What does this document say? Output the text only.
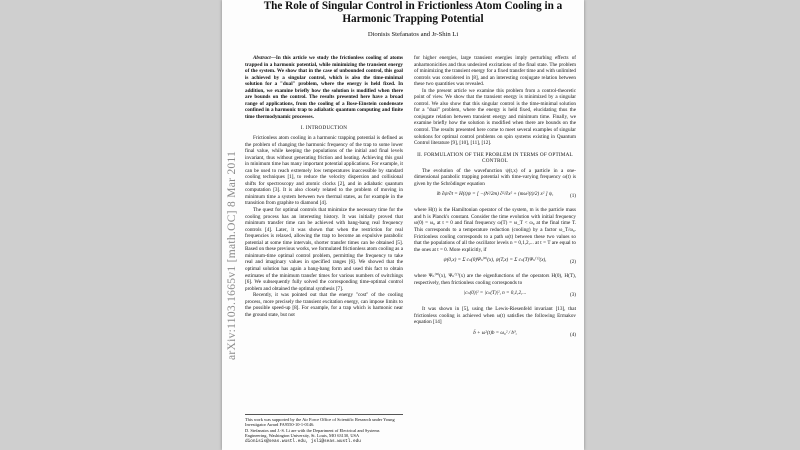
arXiv:1103.1665v1 [math.OC] 8 Mar 2011
The Role of Singular Control in Frictionless Atom Cooling in a
Harmonic Trapping Potential
Dionisis Stefanatos and Jr-Shin Li

Abstract—In this article we study the frictionless cooling of atoms trapped in a harmonic potential, while minimizing the transient energy of the system. We show that in the case of unbounded control, this goal is achieved by a singular control, which is also the time-minimal solution for a "dual" problem, where the energy is held fixed. In addition, we examine briefly how the solution is modified when there are bounds on the control. The results presented here have a broad range of applications, from the cooling of a Bose-Einstein condensate confined in a harmonic trap to adiabatic quantum computing and finite time thermodynamic processes.

I. INTRODUCTION

Frictionless atom cooling in a harmonic trapping potential is defined as the problem of changing the harmonic frequency of the trap to some lower final value, while keeping the populations of the initial and final levels invariant, thus without generating friction and heating. Achieving this goal in minimum time has many important potential applications. For example, it can be used to reach extremely low temperatures inaccessible by standard cooling techniques [1], to reduce the velocity dispersion and collisional shifts for spectroscopy and atomic clocks [2], and in adiabatic quantum computation [3]. It is also closely related to the problem of moving in minimum time a system between two thermal states, as for example in the transition from graphite to diamond [4].

The quest for optimal controls that minimize the necessary time for the cooling process has an interesting history. It was initially proved that minimum transfer time can be achieved with bang-bang real frequency controls [4]. Later, it was shown that when the restriction for real frequencies is relaxed, allowing the trap to become an expulsive parabolic potential at some time intervals, shorter transfer times can be obtained [5]. Based on these previous works, we formulated frictionless atom cooling as a minimum-time optimal control problem, permitting the frequency to take real and imaginary values in specified ranges [6]. We showed that the optimal solution has again a bang-bang form and used this fact to obtain estimates of the minimum transfer times for various numbers of switchings [6]. We subsequently fully solved the corresponding time-optimal control problem and obtained the optimal synthesis [7].

Recently, it was pointed out that the energy "cost" of the cooling process, more precisely the transient excitation energy, can impose limits to the possible speed-up [8]. For example, for a trap which is harmonic near the ground state, but not

This work was supported by the Air Force Office of Scientific Research under Young Investigator Award FA9550-10-1-0146.
D. Stefanatos and J.-S. Li are with the Department of Electrical and Systems Engineering, Washington University, St. Louis, MO 63130, USA
dionisis@seas.wustl.edu, jsli@seas.wustl.edu

for higher energies, large transient energies imply perturbing effects of anharmonicities and thus undesired excitations of the final state. The problem of minimizing the transient energy for a fixed transfer time and with unlimited controls was considered in [8], and an interesting conjugate relation between these two quantities was revealed.

In the present article we examine this problem from a control-theoretic point of view. We show that the transient energy is minimized by a singular control. We also show that this singular control is the time-minimal solution for a "dual" problem, where the energy is held fixed, elucidating thus the conjugate relation between transient energy and minimum time. Finally, we examine briefly how the solution is modified when there are bounds on the control. The results presented here come to meet several examples of singular solutions for optimal control problems on spin systems existing in Quantum Control literature [9], [10], [11], [12].

II. FORMULATION OF THE PROBLEM IN TERMS OF OPTIMAL CONTROL

The evolution of the wavefunction ψ(t,x) of a particle in a one-dimensional parabolic trapping potential with time-varying frequency ω(t) is given by the Schrödinger equation

iħ ∂ψ/∂t = H(t)ψ = [ −(ħ²/2m) ∂²/∂x² + (mω²(t)/2) x² ] ψ,	(1)

where H(t) is the Hamiltonian operator of the system, m is the particle mass and ħ is Planck's constant. Consider the time evolution with initial frequency ω(0) = ω₀ at t = 0 and final frequency ω(T) = ω_T < ω₀ at the final time T. This corresponds to a temperature reduction (cooling) by a factor ω_T/ω₀. Frictionless cooling corresponds to a path ω(t) between these two values so that the populations of all the oscillator levels n = 0,1,2,... at t = T are equal to the ones at t = 0. More explicitly, if

ψ(0,x) = Σ cₙ(0)Ψₙ⁽⁰⁾(x), ψ(T,x) = Σ cₙ(T)Ψₙ⁽ᵀ⁾(x),	(2)

where Ψₙ⁽⁰⁾(x), Ψₙ⁽ᵀ⁾(x) are the eigenfunctions of the operators H(0), H(T), respectively, then frictionless cooling corresponds to

|cₙ(0)|² = |cₙ(T)|², n = 0,1,2,...	(3)

It was shown in [5], using the Lewis-Riesenfeld invariant [13], that frictionless cooling is achieved when ω(t) satisfies the following Ermakov equation [14]

b̈ + ω²(t)b = ω₀² / b³,	(4)
